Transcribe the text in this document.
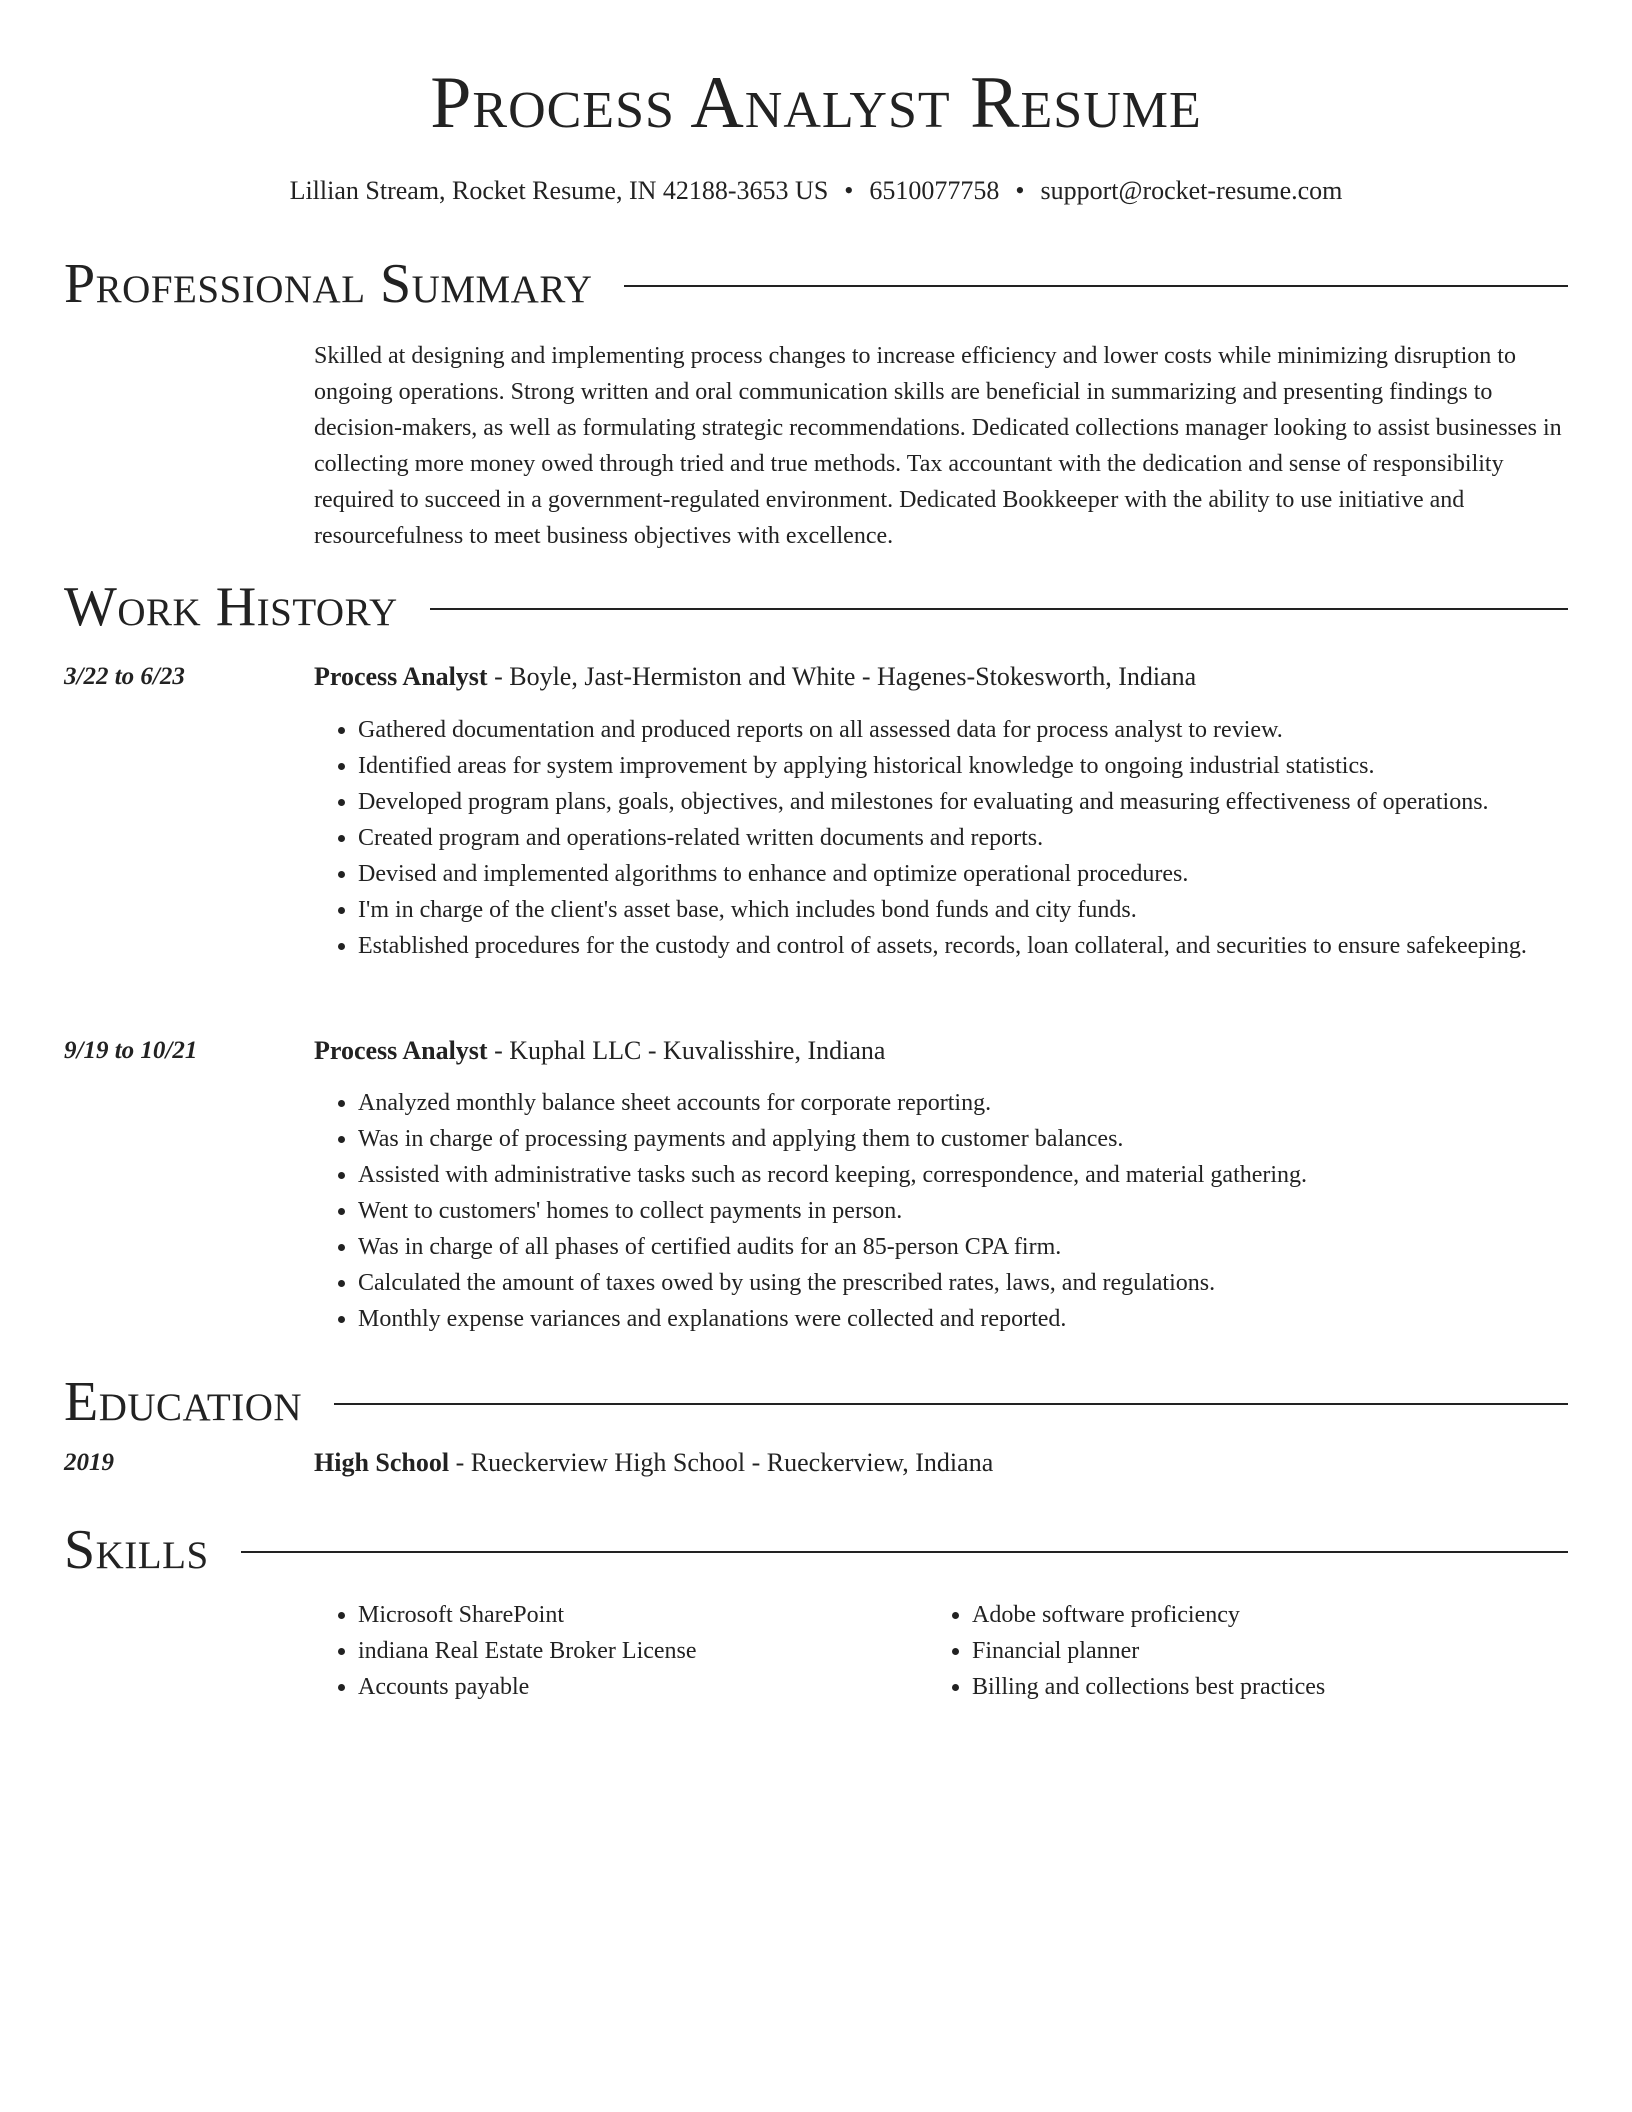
Process Analyst Resume
Lillian Stream, Rocket Resume, IN 42188-3653 US • 6510077758 • support@rocket-resume.com
Professional Summary
Skilled at designing and implementing process changes to increase efficiency and lower costs while minimizing disruption to ongoing operations. Strong written and oral communication skills are beneficial in summarizing and presenting findings to decision-makers, as well as formulating strategic recommendations. Dedicated collections manager looking to assist businesses in collecting more money owed through tried and true methods. Tax accountant with the dedication and sense of responsibility required to succeed in a government-regulated environment. Dedicated Bookkeeper with the ability to use initiative and resourcefulness to meet business objectives with excellence.
Work History
3/22 to 6/23	Process Analyst - Boyle, Jast-Hermiston and White - Hagenes-Stokesworth, Indiana
• Gathered documentation and produced reports on all assessed data for process analyst to review.
• Identified areas for system improvement by applying historical knowledge to ongoing industrial statistics.
• Developed program plans, goals, objectives, and milestones for evaluating and measuring effectiveness of operations.
• Created program and operations-related written documents and reports.
• Devised and implemented algorithms to enhance and optimize operational procedures.
• I'm in charge of the client's asset base, which includes bond funds and city funds.
• Established procedures for the custody and control of assets, records, loan collateral, and securities to ensure safekeeping.
9/19 to 10/21	Process Analyst - Kuphal LLC - Kuvalisshire, Indiana
• Analyzed monthly balance sheet accounts for corporate reporting.
• Was in charge of processing payments and applying them to customer balances.
• Assisted with administrative tasks such as record keeping, correspondence, and material gathering.
• Went to customers' homes to collect payments in person.
• Was in charge of all phases of certified audits for an 85-person CPA firm.
• Calculated the amount of taxes owed by using the prescribed rates, laws, and regulations.
• Monthly expense variances and explanations were collected and reported.
Education
2019	High School - Rueckerview High School - Rueckerview, Indiana
Skills
• Microsoft SharePoint
• indiana Real Estate Broker License
• Accounts payable
• Adobe software proficiency
• Financial planner
• Billing and collections best practices
